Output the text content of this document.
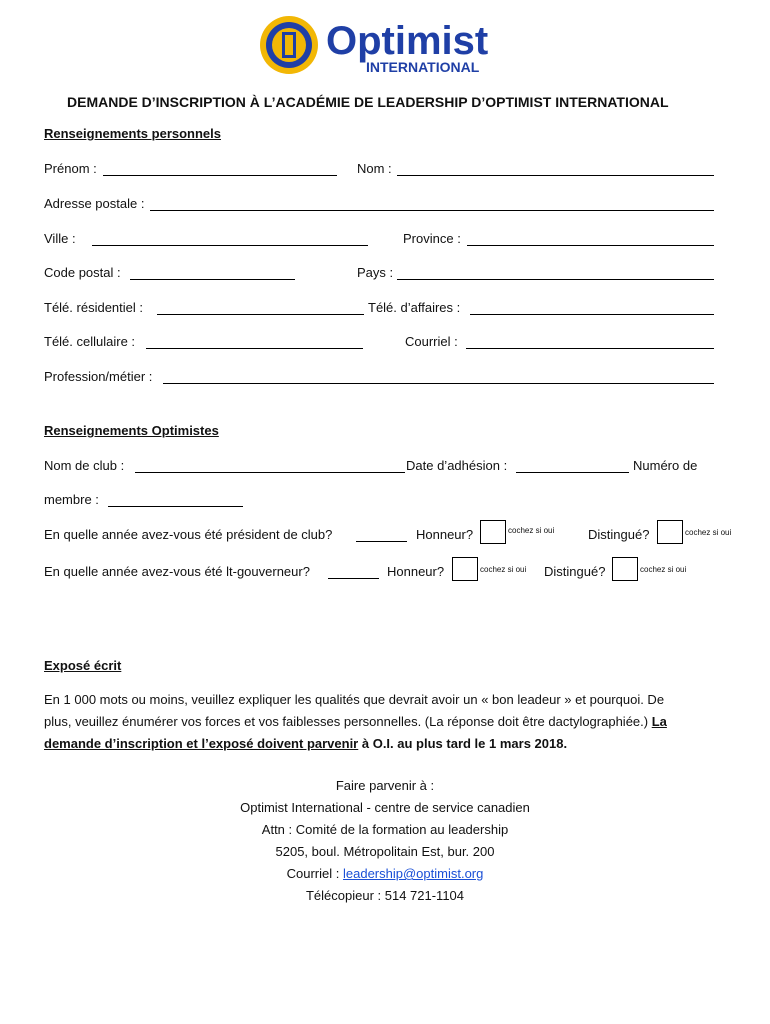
Optimist
INTERNATIONAL
DEMANDE D’INSCRIPTION À L’ACADÉMIE DE LEADERSHIP D’OPTIMIST INTERNATIONAL
Renseignements personnels
Prénom :	Nom :
Adresse postale :
Ville :	Province :
Code postal :	Pays :
Télé. résidentiel :	Télé. d’affaires :
Télé. cellulaire :	Courriel :
Profession/métier :
Renseignements Optimistes
Nom de club :	Date d’adhésion :	Numéro de
membre :
En quelle année avez-vous été président de club?	Honneur?	cochez si oui	Distingué?	cochez si oui
En quelle année avez-vous été lt-gouverneur?	Honneur?	cochez si oui Distingué?	cochez si oui
Exposé écrit
En 1 000 mots ou moins, veuillez expliquer les qualités que devrait avoir un « bon leadeur » et pourquoi. De
plus, veuillez énumérer vos forces et vos faiblesses personnelles. (La réponse doit être dactylographiée.) La
demande d’inscription et l’exposé doivent parvenir à O.I. au plus tard le 1 mars 2018.
Faire parvenir à :
Optimist International - centre de service canadien
Attn : Comité de la formation au leadership
5205, boul. Métropolitain Est, bur. 200
Courriel : leadership@optimist.org
Télécopieur : 514 721-1104
